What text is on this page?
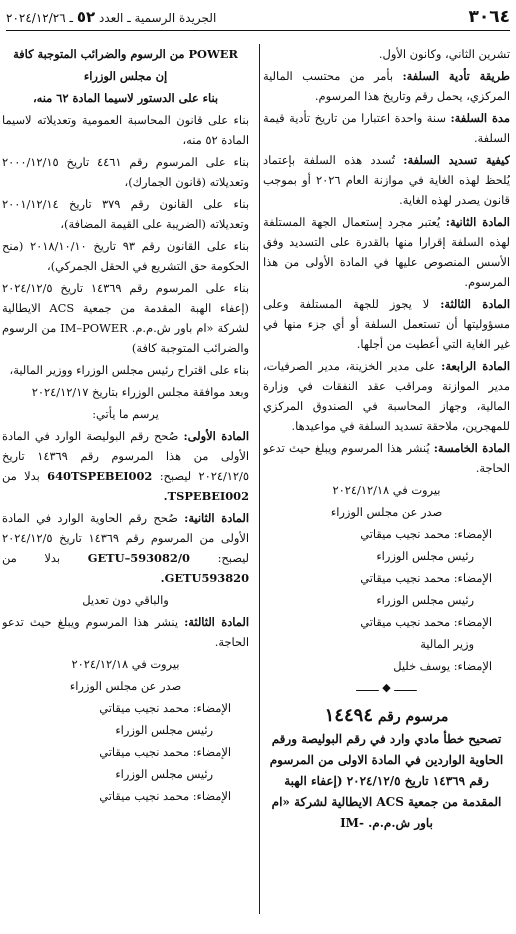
٣٠٦٤
الجريدة الرسمية ـ العدد ٥٢ ـ ٢٠٢٤/١٢/٢٦

تشرين الثاني، وكانون الأول.

طريقة تأدية السلفة: بأمر من محتسب المالية المركزي، يحمل رقم وتاريخ هذا المرسوم.

مدة السلفة: سنة واحدة اعتبارا من تاريخ تأدية قيمة السلفة.

كيفية تسديد السلفة: تُسدد هذه السلفة بإعتماد يُلحظ لهذه الغاية في موازنة العام ٢٠٢٦ أو بموجب قانون يصدر لهذه الغاية.

المادة الثانية: يُعتبر مجرد إستعمال الجهة المستلفة لهذه السلفة إقرارا منها بالقدرة على التسديد وفق الأسس المنصوص عليها في المادة الأولى من هذا المرسوم.

المادة الثالثة: لا يجوز للجهة المستلفة وعلى مسؤوليتها أن تستعمل السلفة أو أي جزء منها في غير الغاية التي أعطيت من أجلها.

المادة الرابعة: على مدير الخزينة، مدير الصرفيات، مدير الموازنة ومراقب عقد النفقات في وزارة المالية، وجهاز المحاسبة في الصندوق المركزي للمهجرين، ملاحقة تسديد السلفة في مواعيدها.

المادة الخامسة: يُنشر هذا المرسوم ويبلغ حيث تدعو الحاجة.

بيروت في ٢٠٢٤/١٢/١٨

صدر عن مجلس الوزراء

الإمضاء: محمد نجيب ميقاتي

رئيس مجلس الوزراء

الإمضاء: محمد نجيب ميقاتي

رئيس مجلس الوزراء

الإمضاء: محمد نجيب ميقاتي

وزير المالية

الإمضاء: يوسف خليل

ـــــــ ◆ ـــــــ

مرسوم رقم ١٤٤٩٤

تصحيح خطأ مادي وارد في رقم البوليصة ورقم الحاوية الواردين في المادة الاولى من المرسوم رقم ١٤٣٦٩ تاريخ ٢٠٢٤/١٢/٥ (إعفاء الهبة المقدمة من جمعية ACS الايطالية لشركة «ام باور ش.م.م. -IM

POWER من الرسوم والضرائب المتوجبة كافة

إن مجلس الوزراء

بناء على الدستور لاسيما المادة ٦٢ منه،

بناء على قانون المحاسبة العمومية وتعديلاته لاسيما المادة ٥٢ منه،

بناء على المرسوم رقم ٤٤٦١ تاريخ ٢٠٠٠/١٢/١٥ وتعديلاته (قانون الجمارك)،

بناء على القانون رقم ٣٧٩ تاريخ ٢٠٠١/١٢/١٤ وتعديلاته (الضريبة على القيمة المضافة)،

بناء على القانون رقم ٩٣ تاريخ ٢٠١٨/١٠/١٠ (منح الحكومة حق التشريع في الحقل الجمركي)،

بناء على المرسوم رقم ١٤٣٦٩ تاريخ ٢٠٢٤/١٢/٥ (إعفاء الهبة المقدمة من جمعية ACS الايطالية لشركة «ام باور ش.م.م. IM–POWER من الرسوم والضرائب المتوجبة كافة)

بناء على اقتراح رئيس مجلس الوزراء ووزير المالية،

وبعد موافقة مجلس الوزراء بتاريخ ٢٠٢٤/١٢/١٧

يرسم ما يأتي:

المادة الأولى: صُحح رقم البوليصة الوارد في المادة الأولى من هذا المرسوم رقم ١٤٣٦٩ تاريخ ٢٠٢٤/١٢/٥ ليصبح: 640TSPEBEI002 بدلا من TSPEBEI002.

المادة الثانية: صُحح رقم الحاوية الوارد في المادة الأولى من المرسوم رقم ١٤٣٦٩ تاريخ ٢٠٢٤/١٢/٥ ليصبح: GETU–593082/0 بدلا من GETU593820.

والباقي دون تعديل

المادة الثالثة: ينشر هذا المرسوم ويبلغ حيث تدعو الحاجة.

بيروت في ٢٠٢٤/١٢/١٨

صدر عن مجلس الوزراء

الإمضاء: محمد نجيب ميقاتي

رئيس مجلس الوزراء

الإمضاء: محمد نجيب ميقاتي

رئيس مجلس الوزراء

الإمضاء: محمد نجيب ميقاتي
